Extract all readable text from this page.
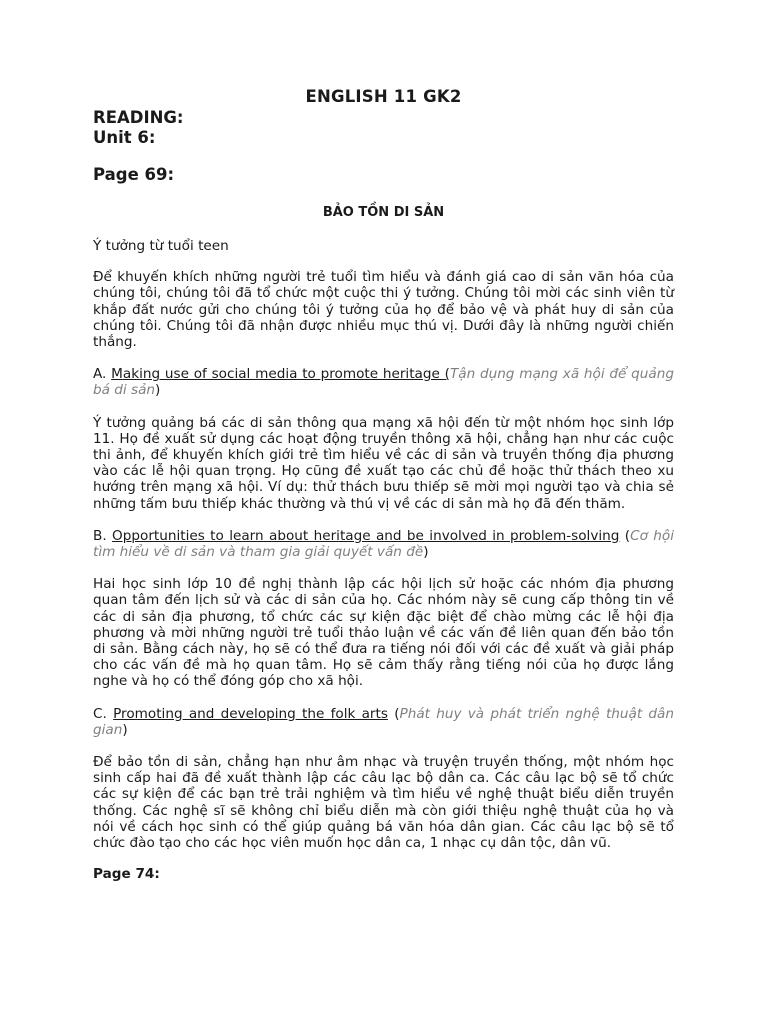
ENGLISH 11 GK2
READING:
Unit 6:
Page 69:
BẢO TỒN DI SẢN

Ý tưởng từ tuổi teen

Để khuyến khích những người trẻ tuổi tìm hiểu và đánh giá cao di sản văn hóa của chúng tôi, chúng tôi đã tổ chức một cuộc thi ý tưởng. Chúng tôi mời các sinh viên từ khắp đất nước gửi cho chúng tôi ý tưởng của họ để bảo vệ và phát huy di sản của chúng tôi. Chúng tôi đã nhận được nhiều mục thú vị. Dưới đây là những người chiến thắng.

A. Making use of social media to promote heritage (Tận dụng mạng xã hội để quảng bá di sản)

Ý tưởng quảng bá các di sản thông qua mạng xã hội đến từ một nhóm học sinh lớp 11. Họ đề xuất sử dụng các hoạt động truyền thông xã hội, chẳng hạn như các cuộc thi ảnh, để khuyến khích giới trẻ tìm hiểu về các di sản và truyền thống địa phương vào các lễ hội quan trọng. Họ cũng đề xuất tạo các chủ đề hoặc thử thách theo xu hướng trên mạng xã hội. Ví dụ: thử thách bưu thiếp sẽ mời mọi người tạo và chia sẻ những tấm bưu thiếp khác thường và thú vị về các di sản mà họ đã đến thăm.

B. Opportunities to learn about heritage and be involved in problem-solving (Cơ hội tìm hiểu về di sản và tham gia giải quyết vấn đề)

Hai học sinh lớp 10 đề nghị thành lập các hội lịch sử hoặc các nhóm địa phương quan tâm đến lịch sử và các di sản của họ. Các nhóm này sẽ cung cấp thông tin về các di sản địa phương, tổ chức các sự kiện đặc biệt để chào mừng các lễ hội địa phương và mời những người trẻ tuổi thảo luận về các vấn đề liên quan đến bảo tồn di sản. Bằng cách này, họ sẽ có thể đưa ra tiếng nói đối với các đề xuất và giải pháp cho các vấn đề mà họ quan tâm. Họ sẽ cảm thấy rằng tiếng nói của họ được lắng nghe và họ có thể đóng góp cho xã hội.

C. Promoting and developing the folk arts (Phát huy và phát triển nghệ thuật dân gian)

Để bảo tồn di sản, chẳng hạn như âm nhạc và truyện truyền thống, một nhóm học sinh cấp hai đã đề xuất thành lập các câu lạc bộ dân ca. Các câu lạc bộ sẽ tổ chức các sự kiện để các bạn trẻ trải nghiệm và tìm hiểu về nghệ thuật biểu diễn truyền thống. Các nghệ sĩ sẽ không chỉ biểu diễn mà còn giới thiệu nghệ thuật của họ và nói về cách học sinh có thể giúp quảng bá văn hóa dân gian. Các câu lạc bộ sẽ tổ chức đào tạo cho các học viên muốn học dân ca, 1 nhạc cụ dân tộc, dân vũ.

Page 74:
